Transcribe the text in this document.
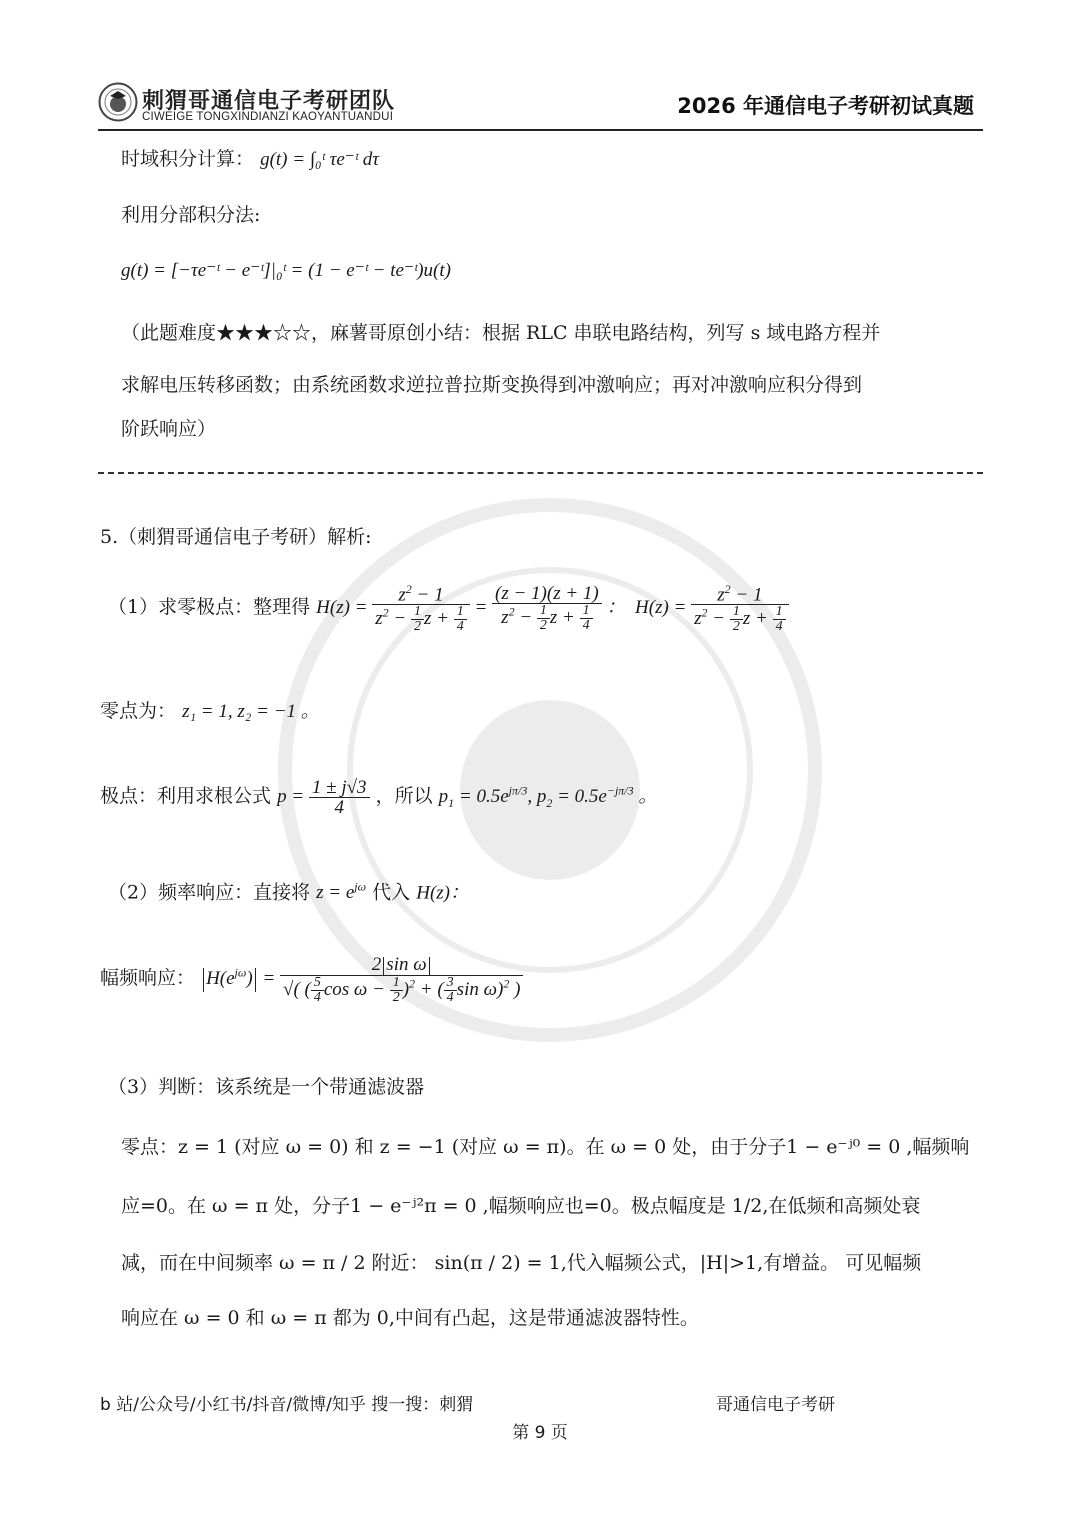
刺猬哥通信电子考研团队
CIWEIGE TONGXINDIANZI KAOYANTUANDUI	2026 年通信电子考研初试真题
时域积分计算： g(t) = ∫₀ᵗ τe⁻ᵗ dτ
利用分部积分法:
g(t) = [−τe⁻ᵗ − e⁻ᵗ]|₀ᵗ = (1 − e⁻ᵗ − te⁻ᵗ)u(t)
（此题难度★★★☆☆，麻薯哥原创小结：根据 RLC 串联电路结构，列写 s 域电路方程并
求解电压转移函数；由系统函数求逆拉普拉斯变换得到冲激响应；再对冲激响应积分得到
阶跃响应）
5.（刺猬哥通信电子考研）解析:
（1）求零极点：整理得 $H(z) = \frac{z^2 - 1}{z^2 - \frac{1}{2} z + \frac{1}{4}} = \frac{(z - 1)(z + 1)}{z^2 - \frac{1}{2} z + \frac{1}{4}}$ ：  $H(z) = \frac{z^2 - 1}{z^2 - \frac{1}{2} z + \frac{1}{4}}$
零点为： z₁ = 1, z₂ = −1 。
极点：利用求根公式 $p = \frac{1 \pm j√3}{4}$ ，所以 $p_1 = 0.5e^{j\pi/3}$, $p_2 = 0.5e^{-j\pi/3}$ 。
（2）频率响应：直接将 $z = e^{j\omega}$ 代入 H(z)：
幅频响应： $H(e^{j\omega}) = \frac{\text{2 sin ω}}{√( ( \frac{5}{4} \cos \omega - \frac{1}{2} )^2 + ( \frac{3}{4} \sin \omega)^2 )}$
（3）判断：该系统是一个带通滤波器
零点：z = 1 (对应 ω = 0) 和 z = −1 (对应 ω = π)。在 ω = 0 处，由于分子1 − e⁻ʲ⁰ = 0 ,幅频响
应=0。在 ω = π 处，分子1 − e⁻ʲ²π = 0 ,幅频响应也=0。极点幅度是 1/2,在低频和高频处衰
减，而在中间频率 ω = π / 2 附近： sin(π / 2) = 1,代入幅频公式，|H|>1,有增益。 可见幅频
响应在 ω = 0 和 ω = π 都为 0,中间有凸起，这是带通滤波器特性。
b 站/公众号/小红书/抖音/微博/知乎 搜一搜：刺猬	哥通信电子考研
第 9 页
